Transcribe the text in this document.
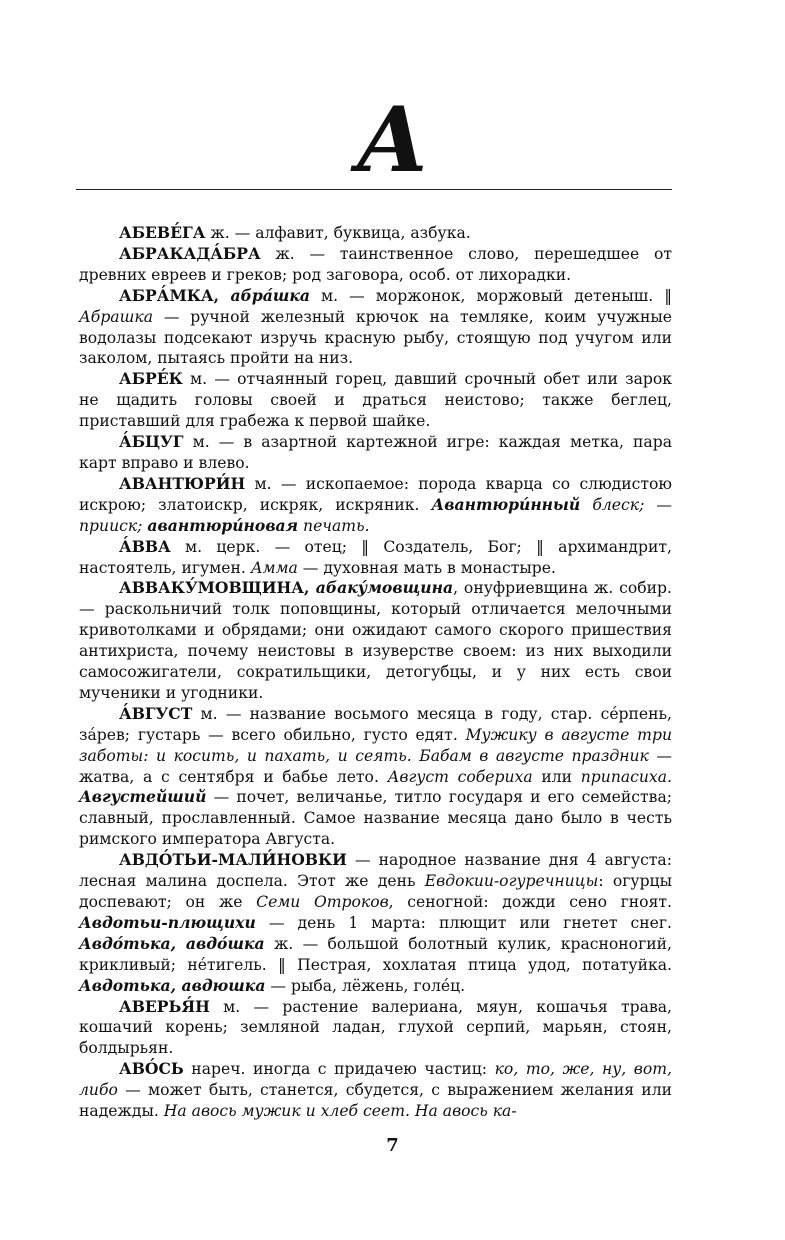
А

АБЕВЕ́ГА ж. — алфавит, буквица, азбука.

АБРАКАДА́БРА ж. — таинственное слово, перешедшее от древних евреев и греков; род заговора, особ. от лихорадки.

АБРА́МКА, абра́шка м. — моржонок, моржовый детеныш. ‖ Абрашка — ручной железный крючок на темляке, коим учужные водолазы подсекают изручь красную рыбу, стоящую под учугом или заколом, пытаясь пройти на низ.

АБРЕ́К м. — отчаянный горец, давший срочный обет или зарок не щадить головы своей и драться неистово; также беглец, приставший для грабежа к первой шайке.

А́БЦУГ м. — в азартной картежной игре: каждая метка, пара карт вправо и влево.

АВАНТЮРИ́Н м. — ископаемое: порода кварца со слюдистою искрою; златоискр, искряк, искряник. Авантюри́нный блеск; — прииск; авантюри́новая печать.

А́ВВА м. церк. — отец; ‖ Создатель, Бог; ‖ архимандрит, настоятель, игумен. Амма — духовная мать в монастыре.

АВВАКУ́МОВЩИНА, абаку́мовщина, онуфриевщина ж. собир. — раскольничий толк поповщины, который отличается мелочными кривотолками и обрядами; они ожидают самого скорого пришествия антихриста, почему неистовы в изуверстве своем: из них выходили самосожигатели, сократильщики, детогубцы, и у них есть свои мученики и угодники.

А́ВГУСТ м. — название восьмого месяца в году, стар. се́рпень, за́рев; густарь — всего обильно, густо едят. Мужику в августе три заботы: и косить, и пахать, и сеять. Бабам в августе праздник — жатва, а с сентября и бабье лето. Август собериха или припасиха. Августейший — почет, величанье, титло государя и его семейства; славный, прославленный. Самое название месяца дано было в честь римского императора Августа.

АВДО́ТЬИ-МАЛИ́НОВКИ — народное название дня 4 августа: лесная малина доспела. Этот же день Евдокии-огуречницы: огурцы доспевают; он же Семи Отроков, сеногной: дожди сено гноят. Авдотьи-плющихи — день 1 марта: плющит или гнетет снег. Авдо́тька, авдо́шка ж. — большой болотный кулик, красноногий, крикливый; не́тигель. ‖ Пестрая, хохлатая птица удод, потатуйка. Авдотька, авдюшка — рыба, лёжень, голе́ц.

АВЕРЬЯ́Н м. — растение валериана, мяун, кошачья трава, кошачий корень; земляной ладан, глухой серпий, марьян, стоян, болдырьян.

АВО́СЬ нареч. иногда с придачею частиц: ко, то, же, ну, вот, либо — может быть, станется, сбудется, с выражением желания или надежды. На авось мужик и хлеб сеет. На авось ка-

7
